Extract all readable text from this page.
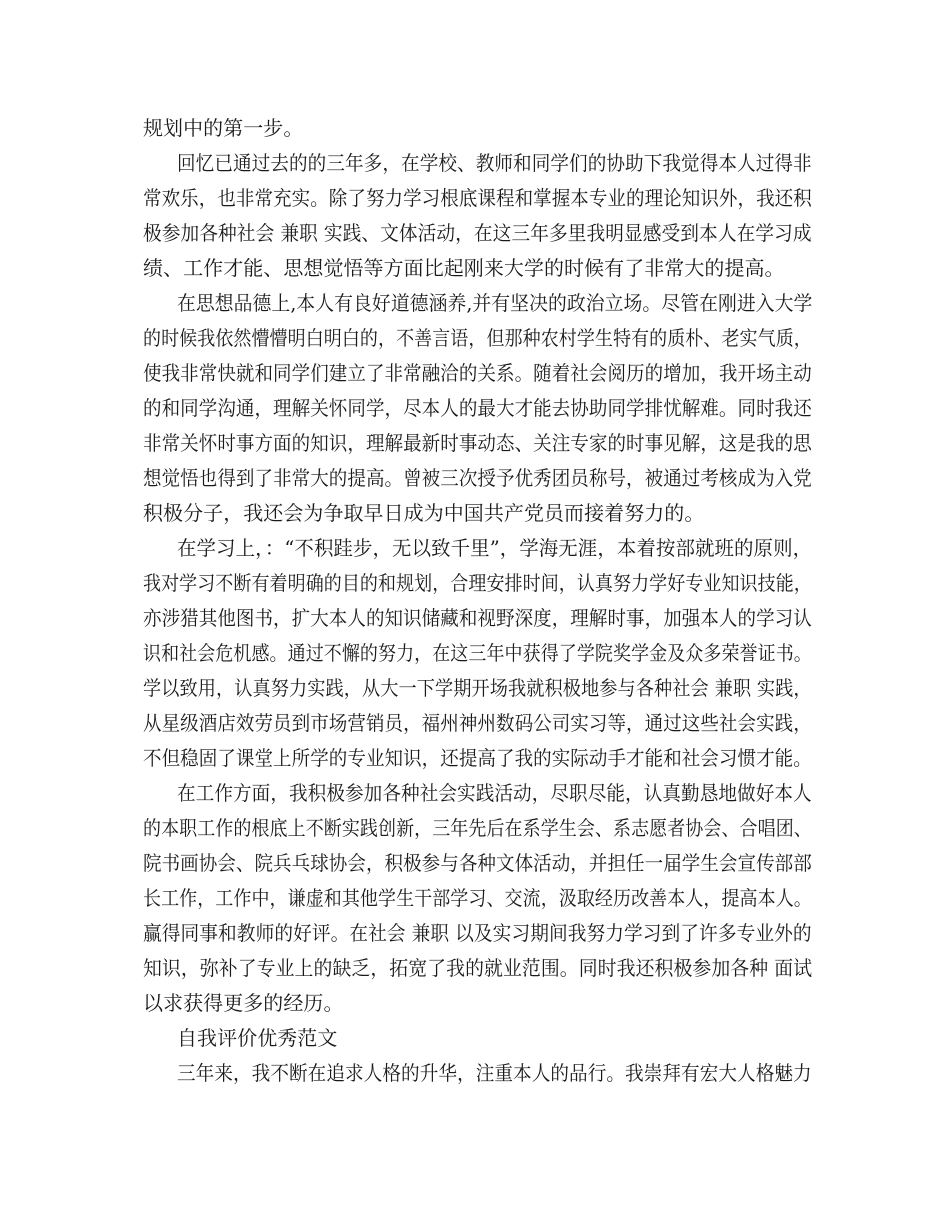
规划中的第一步。
回忆已通过去的的三年多，在学校、教师和同学们的协助下我觉得本人过得非
常欢乐，也非常充实。除了努力学习根底课程和掌握本专业的理论知识外，我还积
极参加各种社会 兼职 实践、文体活动，在这三年多里我明显感受到本人在学习成
绩、工作才能、思想觉悟等方面比起刚来大学的时候有了非常大的提高。
在思想品德上,本人有良好道德涵养,并有坚决的政治立场。尽管在刚进入大学
的时候我依然懵懵明白明白的，不善言语，但那种农村学生特有的质朴、老实气质，
使我非常快就和同学们建立了非常融洽的关系。随着社会阅历的增加，我开场主动
的和同学沟通，理解关怀同学，尽本人的最大才能去协助同学排忧解难。同时我还
非常关怀时事方面的知识，理解最新时事动态、关注专家的时事见解，这是我的思
想觉悟也得到了非常大的提高。曾被三次授予优秀团员称号，被通过考核成为入党
积极分子，我还会为争取早日成为中国共产党员而接着努力的。
在学习上，：“不积跬步，无以致千里”，学海无涯，本着按部就班的原则，
我对学习不断有着明确的目的和规划，合理安排时间，认真努力学好专业知识技能，
亦涉猎其他图书，扩大本人的知识储藏和视野深度，理解时事，加强本人的学习认
识和社会危机感。通过不懈的努力，在这三年中获得了学院奖学金及众多荣誉证书。
学以致用，认真努力实践，从大一下学期开场我就积极地参与各种社会 兼职 实践，
从星级酒店效劳员到市场营销员，福州神州数码公司实习等，通过这些社会实践，
不但稳固了课堂上所学的专业知识，还提高了我的实际动手才能和社会习惯才能。
在工作方面，我积极参加各种社会实践活动，尽职尽能，认真勤恳地做好本人
的本职工作的根底上不断实践创新，三年先后在系学生会、系志愿者协会、合唱团、
院书画协会、院兵乓球协会，积极参与各种文体活动，并担任一届学生会宣传部部
长工作，工作中，谦虚和其他学生干部学习、交流，汲取经历改善本人，提高本人。
赢得同事和教师的好评。在社会 兼职 以及实习期间我努力学习到了许多专业外的
知识，弥补了专业上的缺乏，拓宽了我的就业范围。同时我还积极参加各种 面试
以求获得更多的经历。
自我评价优秀范文
三年来，我不断在追求人格的升华，注重本人的品行。我崇拜有宏大人格魅力
